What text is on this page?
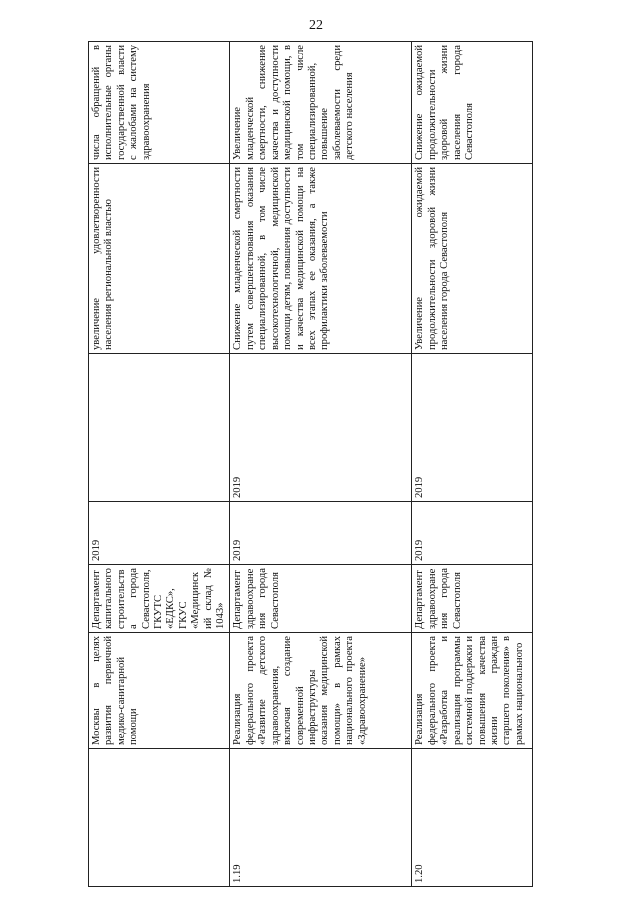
22
	Москвы в целях развития первичной медико-санитарной помощи	Департамент капитального строительства города Севастополя, ГКУТС «ЕДКС», ГКУС «Медицинский склад № 1043»	2019		увеличение удовлетворенности населения региональной властью	числа обращений в исполнительные органы государственной власти с жалобами на систему здравоохранения
1.19	Реализация федерального проекта «Развитие детского здравоохранения, включая создание современной инфраструктуры оказания медицинской помощи» в рамках национального проекта «Здравоохранение»	Департамент здравоохранения города Севастополя	2019	2019	Снижение младенческой смертности путем совершенствования оказания специализированной, в том числе высокотехнологичной, медицинской помощи детям, повышения доступности и качества медицинской помощи на всех этапах ее оказания, а также профилактики заболеваемости	Увеличение младенческой смертности, снижение качества и доступности медицинской помощи, в том числе специализированной, повышение заболеваемости среди детского населения
1.20	Реализация федерального проекта «Разработка и реализация программы системной поддержки и повышения качества жизни граждан старшего поколения» в рамках национального	Департамент здравоохранения города Севастополя	2019	2019	Увеличение ожидаемой продолжительности здоровой жизни населения города Севастополя	Снижение ожидаемой продолжительности здоровой жизни населения города Севастополя
